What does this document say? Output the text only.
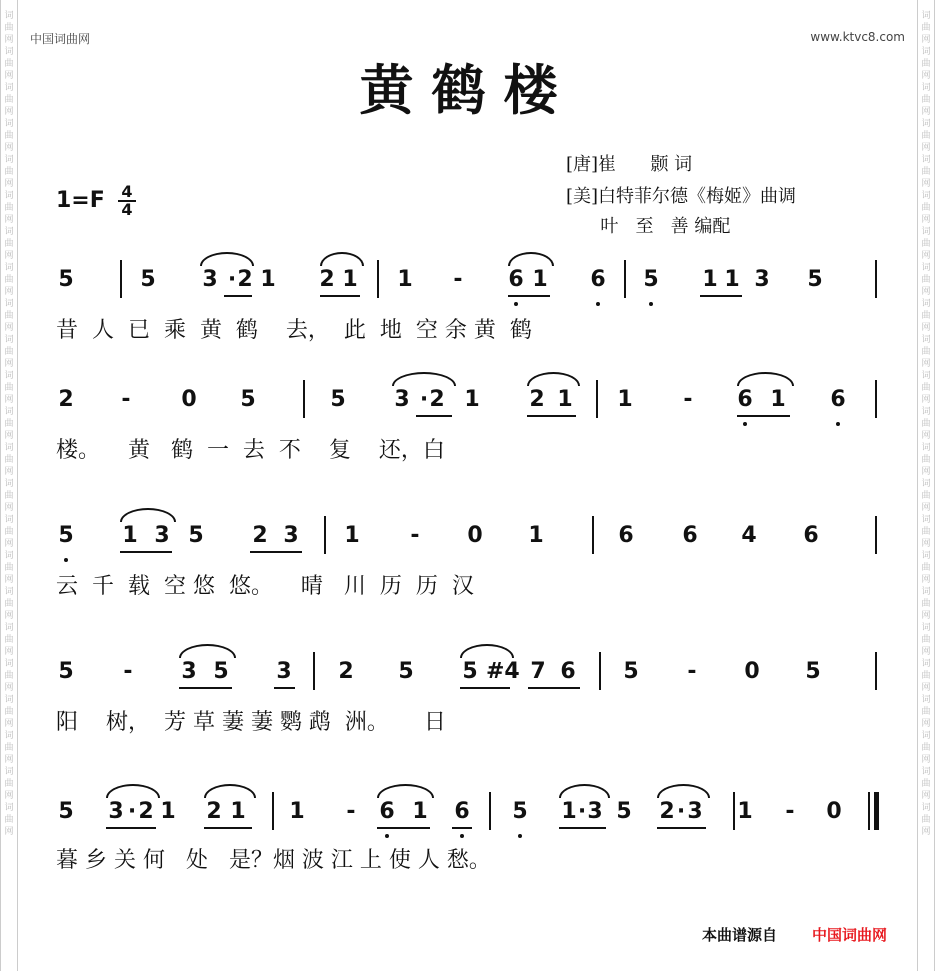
词曲网词曲网词曲网词曲网词曲网词曲网词曲网词曲网词曲网词曲网词曲网词曲网词曲网词曲网词曲网词曲网词曲网词曲网词曲网词曲网词曲网词曲网词曲网
词曲网词曲网词曲网词曲网词曲网词曲网词曲网词曲网词曲网词曲网词曲网词曲网词曲网词曲网词曲网词曲网词曲网词曲网词曲网词曲网词曲网词曲网词曲网
中国词曲网	www.ktvc8.com
黄鹤楼
[唐]崔      颢 词
[美]白特菲尔德《梅姬》曲调
叶   至   善 编配
$1=F \frac{4}{4}$
5	5 3 · 2 1 2 1 1 - 6 1 6 5 1 1 3 5
昔  人  已  乘  黄  鹤    去，  此  地  空 余 黄  鹤
2 - 0 5	5 3 · 2 1 2 1 1 - 6 1 6
楼。    黄   鹤  一  去  不    复    还，白
5 1 3 5 2 3 1 - 0 1	6 6 4 6
云  千  载  空 悠  悠。    晴   川  历  历  汉
5 - 3 5 3 2 5 5 #4 7 6 5 - 0 5
阳    树，  芳 草 萋 萋 鹦 鹉  洲。     日
5 3 · 2 1 2 1 1 - 6 1 6 5 1 · 3 5 2 · 3 1 - 0
暮 乡 关 何   处   是？烟 波 江 上 使 人 愁。
本曲谱源自 中国词曲网
